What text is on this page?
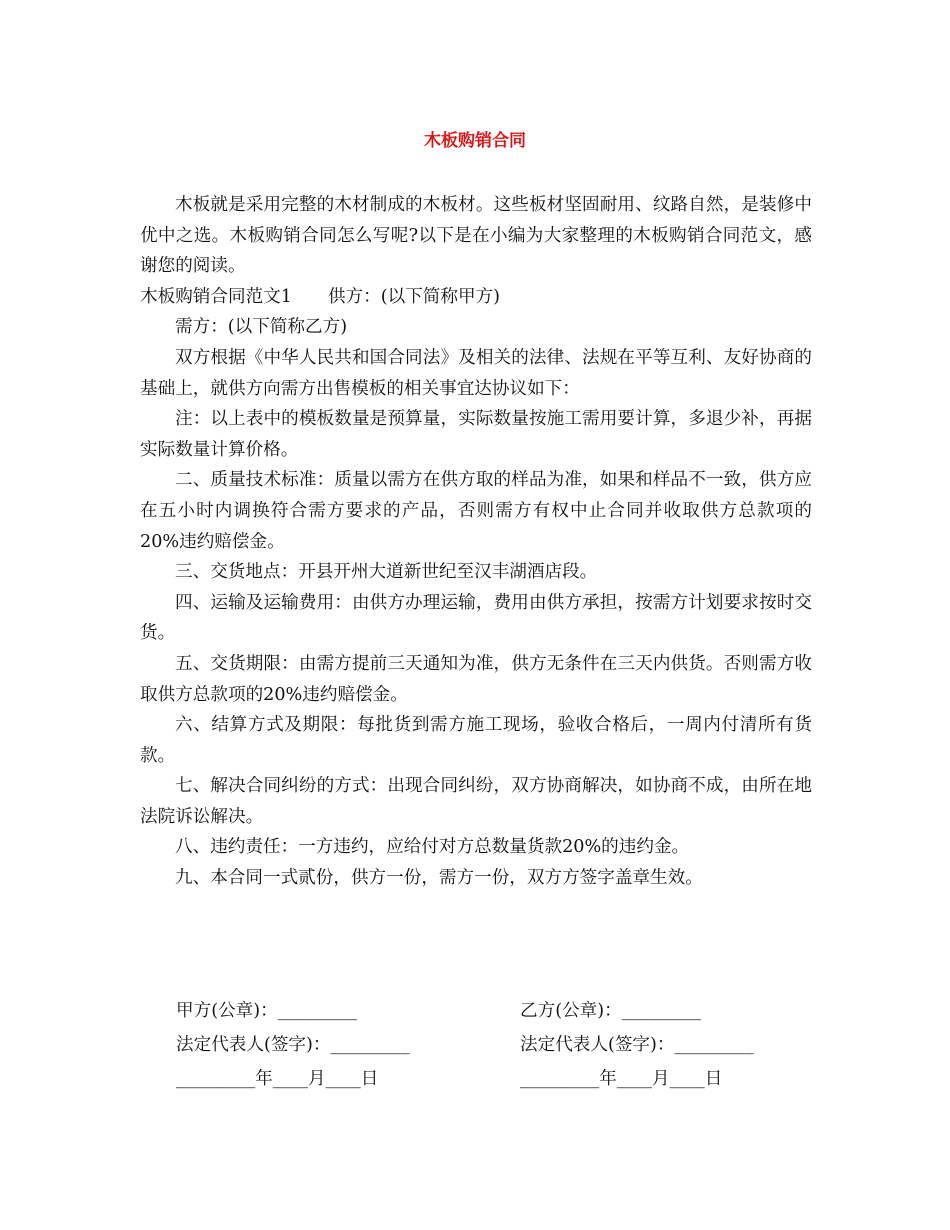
木板购销合同

木板就是采用完整的木材制成的木板材。这些板材坚固耐用、纹路自然，是装修中优中之选。木板购销合同怎么写呢?以下是在小编为大家整理的木板购销合同范文，感谢您的阅读。

木板购销合同范文1 供方：(以下简称甲方)

需方：(以下简称乙方)

双方根据《中华人民共和国合同法》及相关的法律、法规在平等互利、友好协商的基础上，就供方向需方出售模板的相关事宜达协议如下：

注：以上表中的模板数量是预算量，实际数量按施工需用要计算，多退少补，再据实际数量计算价格。

二、质量技术标准：质量以需方在供方取的样品为准，如果和样品不一致，供方应在五小时内调换符合需方要求的产品，否则需方有权中止合同并收取供方总款项的20%违约赔偿金。

三、交货地点：开县开州大道新世纪至汉丰湖酒店段。

四、运输及运输费用：由供方办理运输，费用由供方承担，按需方计划要求按时交货。

五、交货期限：由需方提前三天通知为准，供方无条件在三天内供货。否则需方收取供方总款项的20%违约赔偿金。

六、结算方式及期限：每批货到需方施工现场，验收合格后，一周内付清所有货款。

七、解决合同纠纷的方式：出现合同纠纷，双方协商解决，如协商不成，由所在地法院诉讼解决。

八、违约责任：一方违约，应给付对方总数量货款20%的违约金。

九、本合同一式贰份，供方一份，需方一份，双方方签字盖章生效。

甲方(公章)：_________	乙方(公章)：_________
法定代表人(签字)：_________	法定代表人(签字)：_________
_________年____月____日	_________年____月____日
